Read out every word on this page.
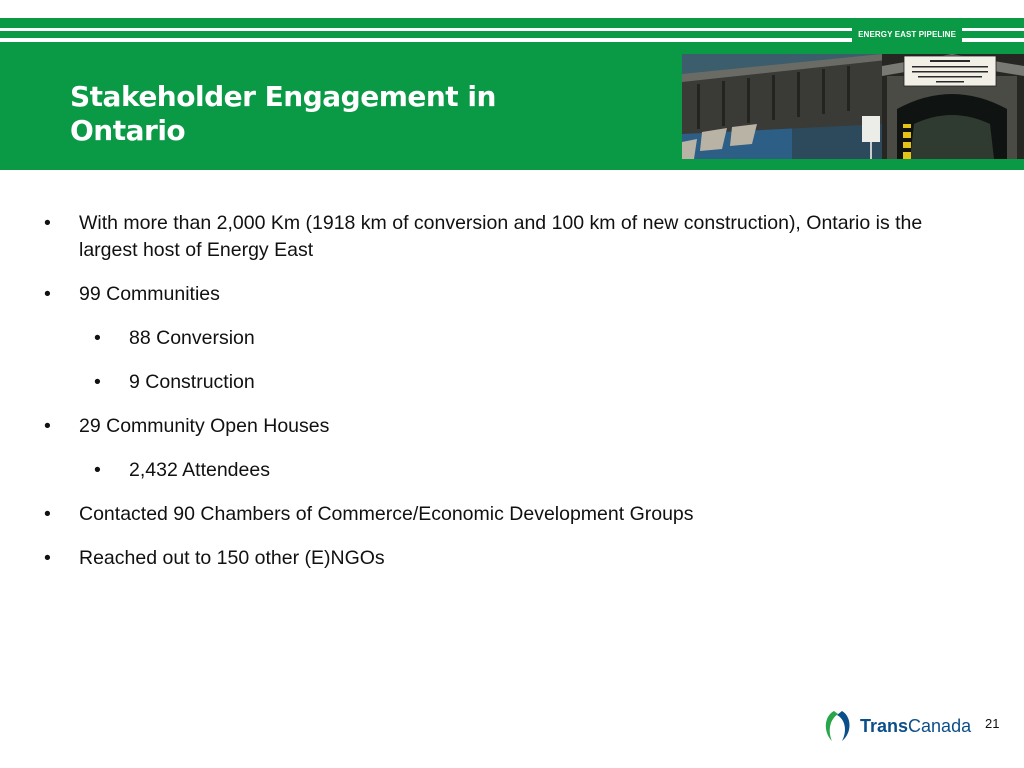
ENERGY EAST PIPELINE
Stakeholder Engagement in
Ontario
•	With more than 2,000 Km (1918 km of conversion and 100 km of new construction), Ontario is the largest host of Energy East
•	99 Communities
•	88 Conversion
•	9 Construction
•	29 Community Open Houses
•	2,432 Attendees
•	Contacted 90 Chambers of Commerce/Economic Development Groups
•	Reached out to 150 other (E)NGOs
TransCanada 21
